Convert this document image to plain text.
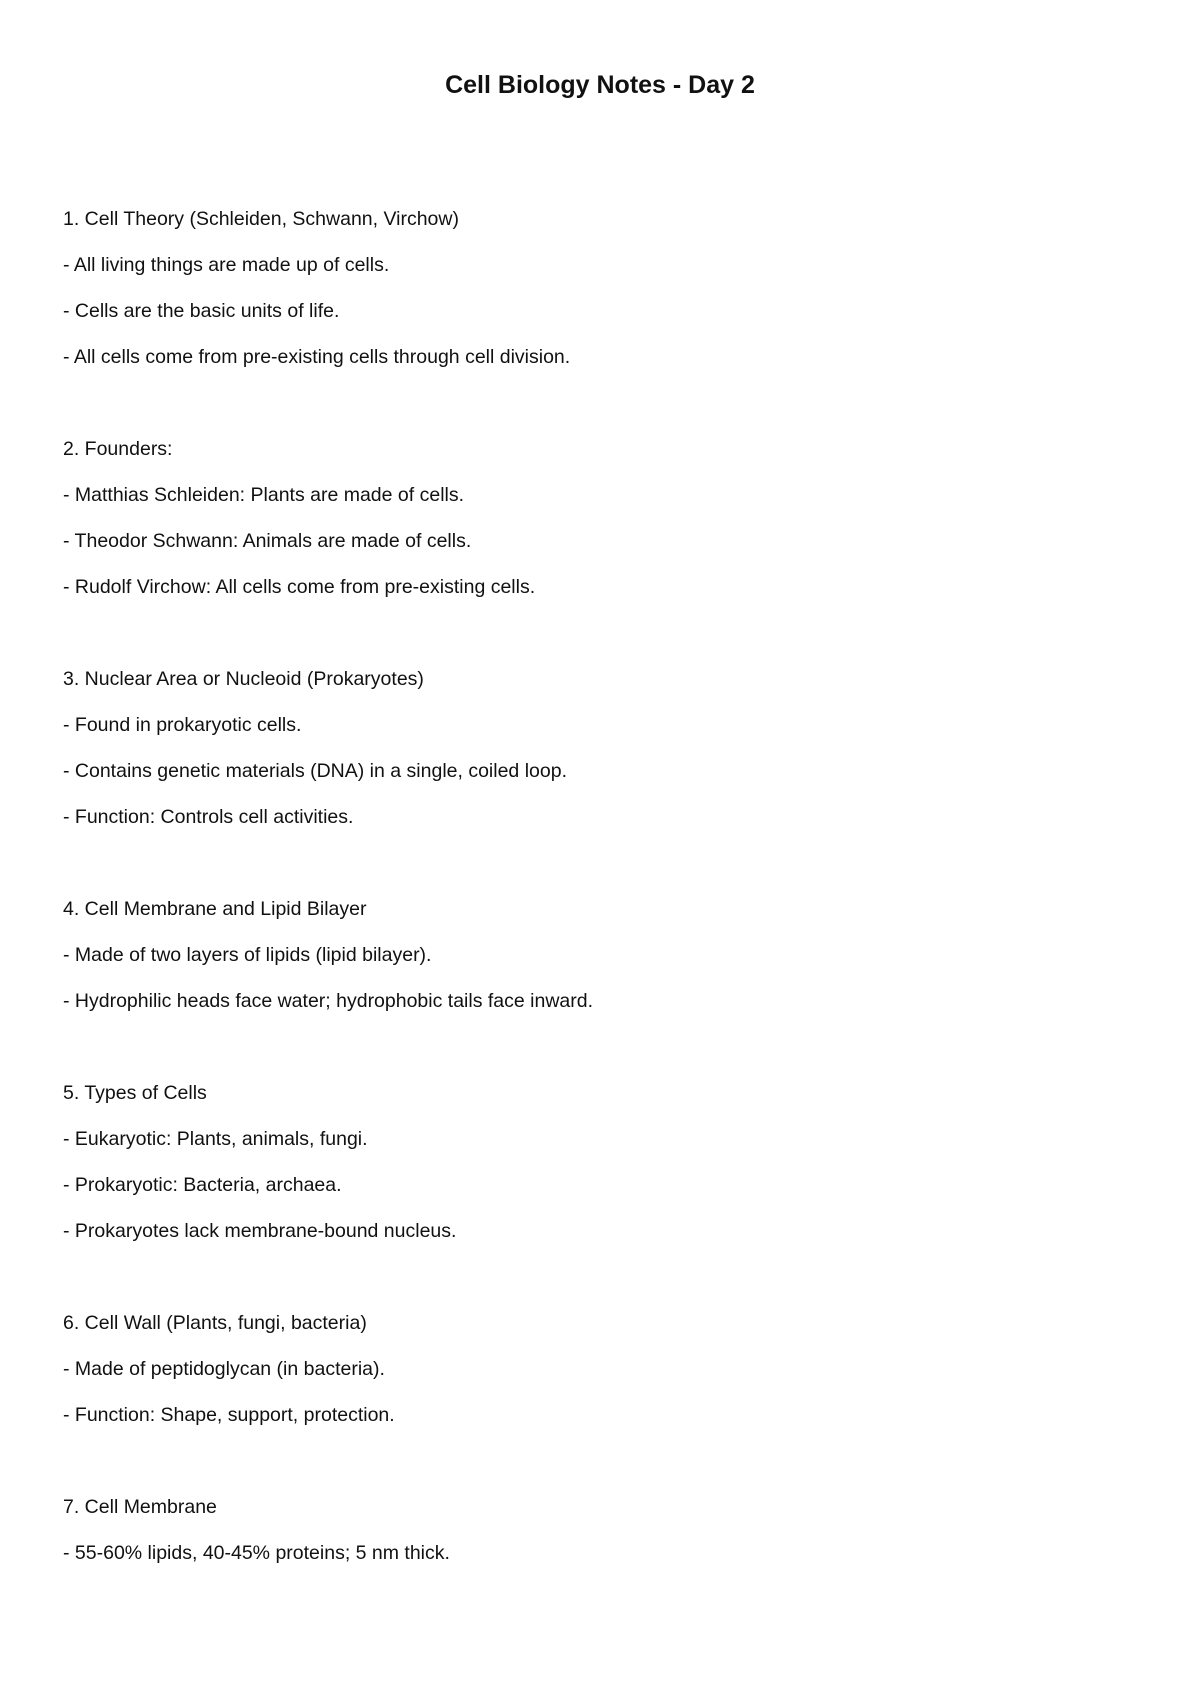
Cell Biology Notes - Day 2

1. Cell Theory (Schleiden, Schwann, Virchow)

- All living things are made up of cells.

- Cells are the basic units of life.

- All cells come from pre-existing cells through cell division.

2. Founders:

- Matthias Schleiden: Plants are made of cells.

- Theodor Schwann: Animals are made of cells.

- Rudolf Virchow: All cells come from pre-existing cells.

3. Nuclear Area or Nucleoid (Prokaryotes)

- Found in prokaryotic cells.

- Contains genetic materials (DNA) in a single, coiled loop.

- Function: Controls cell activities.

4. Cell Membrane and Lipid Bilayer

- Made of two layers of lipids (lipid bilayer).

- Hydrophilic heads face water; hydrophobic tails face inward.

5. Types of Cells

- Eukaryotic: Plants, animals, fungi.

- Prokaryotic: Bacteria, archaea.

- Prokaryotes lack membrane-bound nucleus.

6. Cell Wall (Plants, fungi, bacteria)

- Made of peptidoglycan (in bacteria).

- Function: Shape, support, protection.

7. Cell Membrane

- 55-60% lipids, 40-45% proteins; 5 nm thick.
